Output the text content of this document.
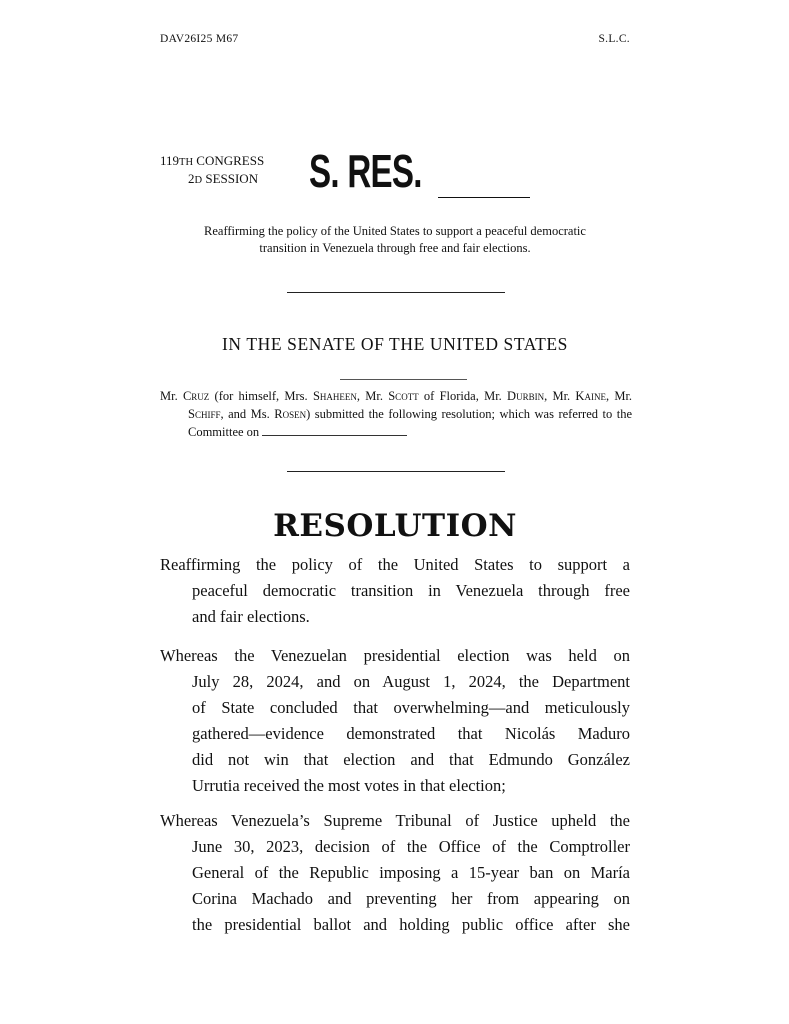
DAV26I25 M67	S.L.C.
119TH CONGRESS
2D SESSION S. RES.
Reaffirming the policy of the United States to support a peaceful democratic
transition in Venezuela through free and fair elections.
IN THE SENATE OF THE UNITED STATES
Mr. Cruz (for himself, Mrs. Shaheen, Mr. Scott of Florida, Mr. Durbin, Mr. Kaine, Mr. Schiff, and Ms. Rosen) submitted the following resolution; which was referred to the Committee on
RESOLUTION
Reaffirming the policy of the United States to support a
peaceful democratic transition in Venezuela through free
and fair elections.
Whereas the Venezuelan presidential election was held on
July 28, 2024, and on August 1, 2024, the Department
of State concluded that overwhelming—and meticulously
gathered—evidence demonstrated that Nicolás Maduro
did not win that election and that Edmundo González
Urrutia received the most votes in that election;
Whereas Venezuela’s Supreme Tribunal of Justice upheld the
June 30, 2023, decision of the Office of the Comptroller
General of the Republic imposing a 15-year ban on María
Corina Machado and preventing her from appearing on
the presidential ballot and holding public office after she
